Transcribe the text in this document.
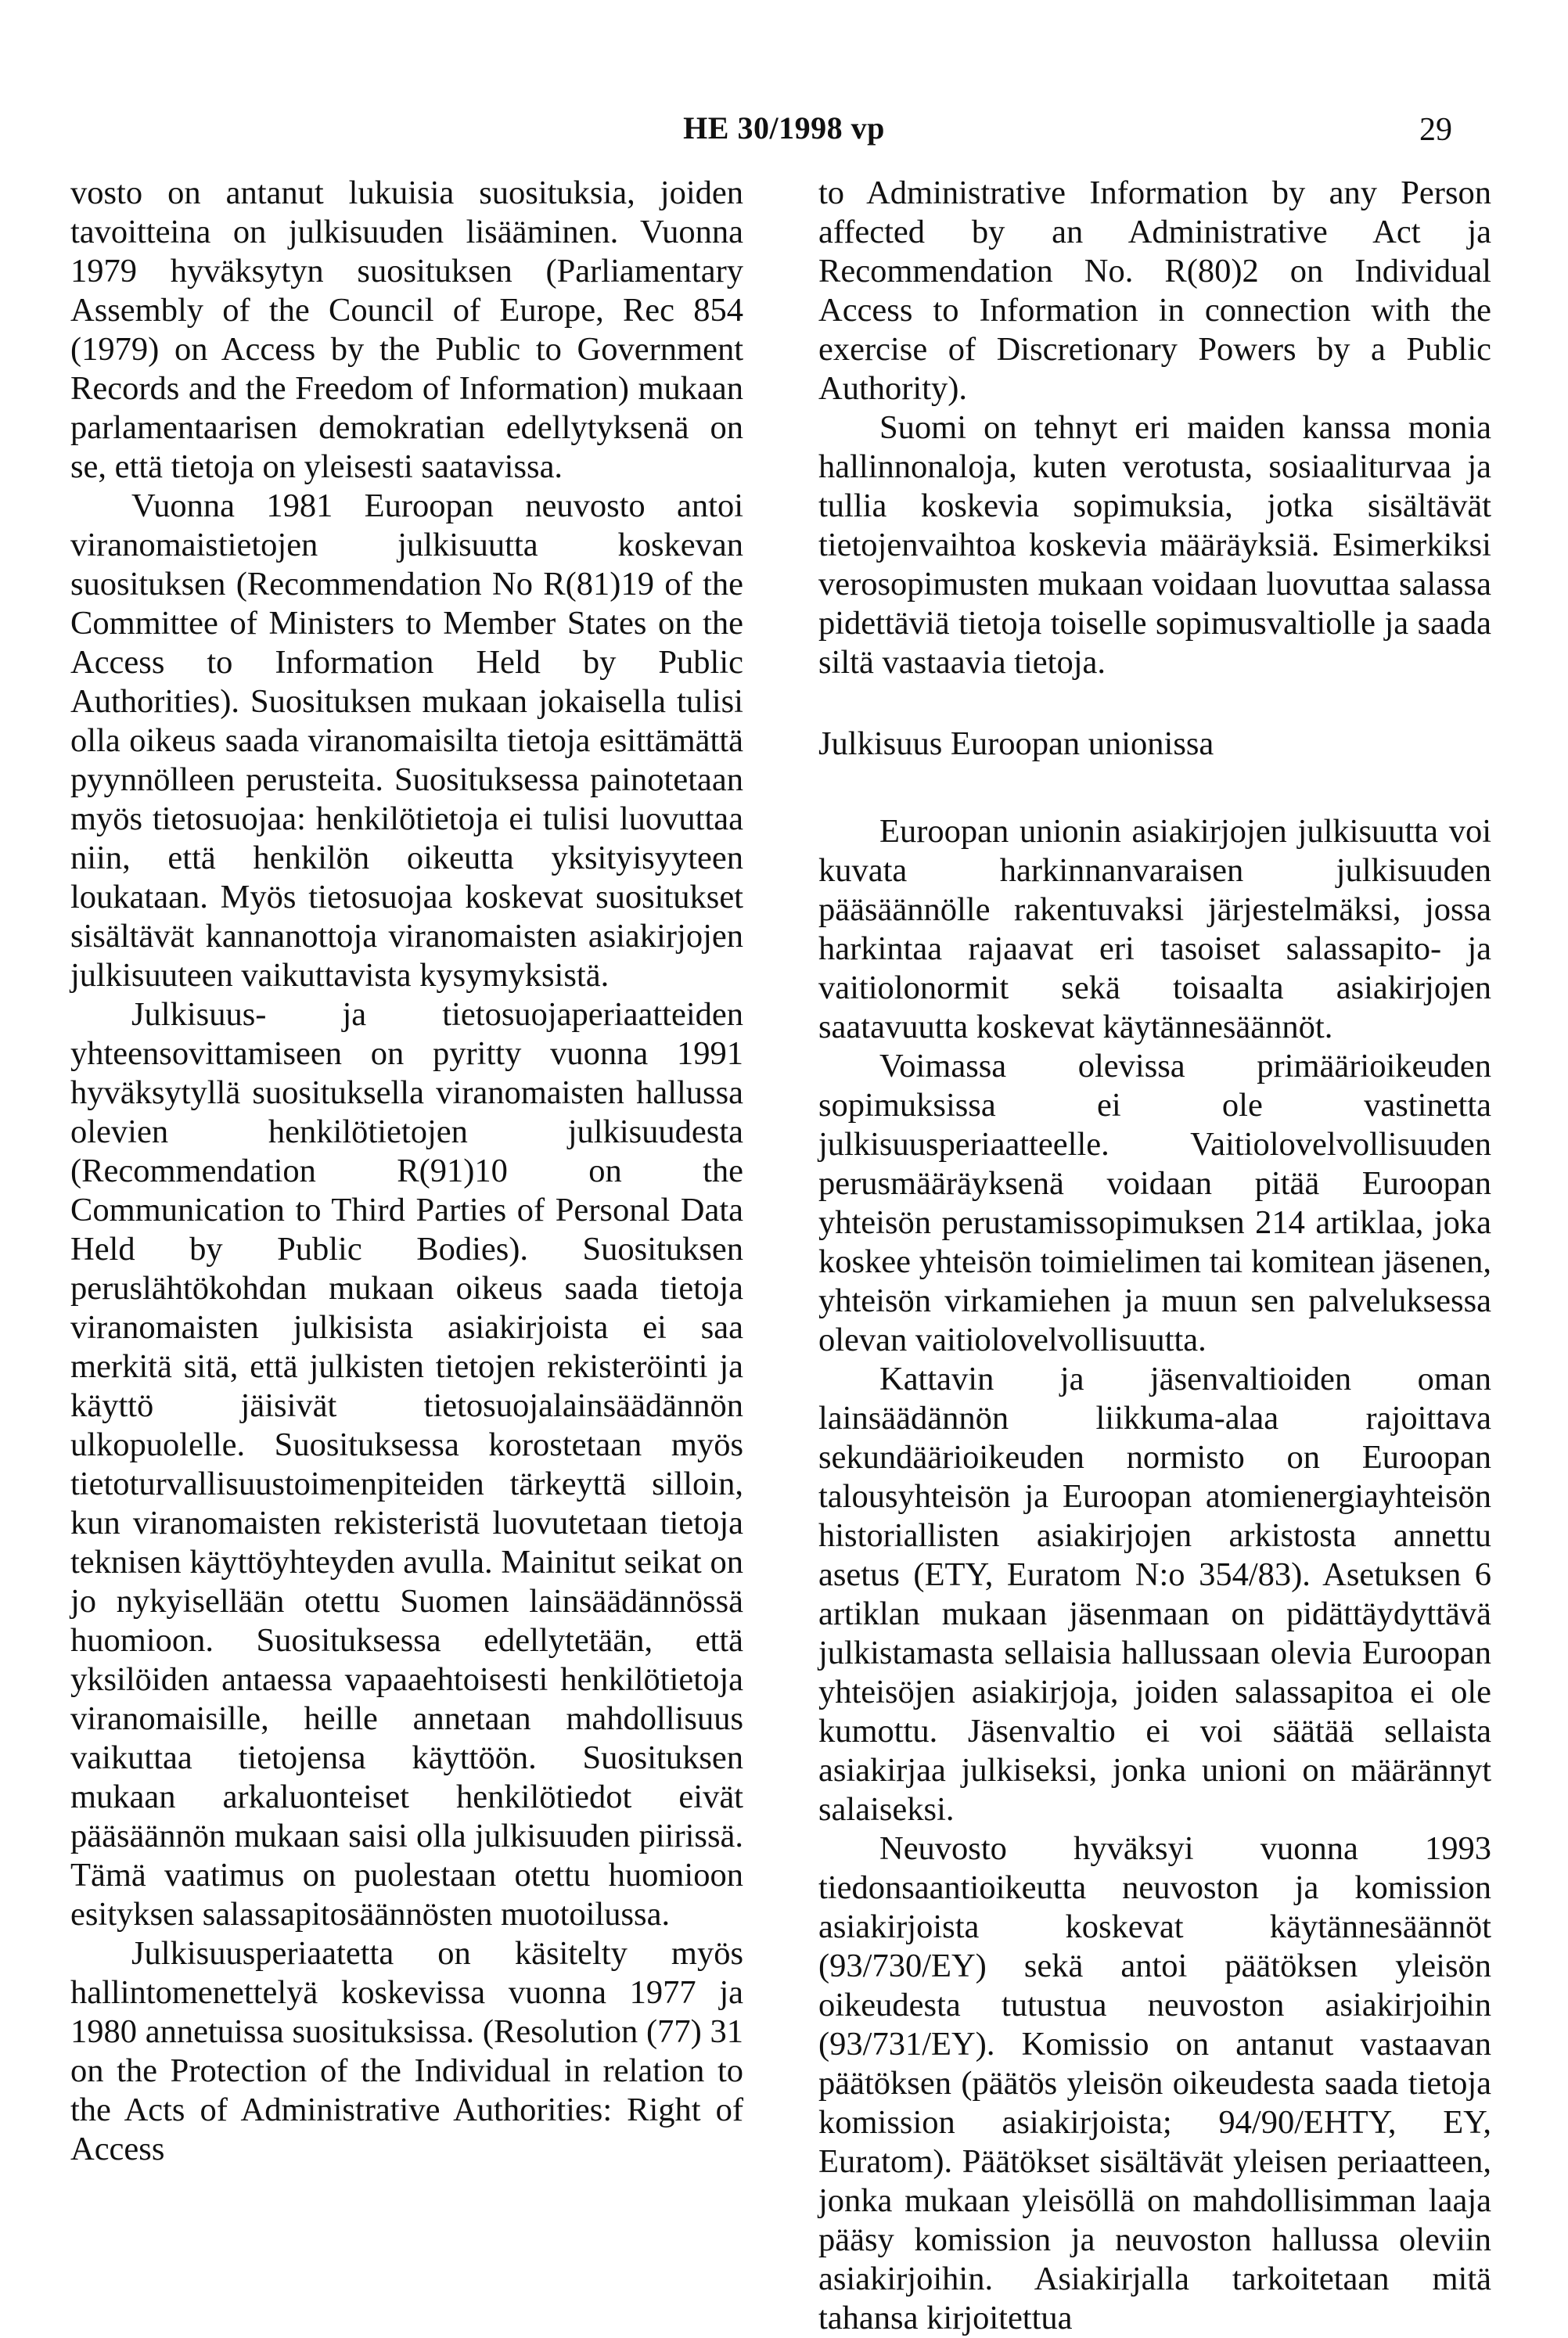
HE 30/1998 vp	29

vosto on antanut lukuisia suosituksia, joiden tavoitteina on julkisuuden lisääminen. Vuonna 1979 hyväksytyn suosituksen (Parliamentary Assembly of the Council of Europe, Rec 854 (1979) on Access by the Public to Government Records and the Freedom of Information) mukaan parlamentaarisen demokratian edellytyksenä on se, että tietoja on yleisesti saatavissa.

Vuonna 1981 Euroopan neuvosto antoi viranomaistietojen julkisuutta koskevan suosituksen (Recommendation No R(81)19 of the Committee of Ministers to Member States on the Access to Information Held by Public Authorities). Suosituksen mukaan jokaisella tulisi olla oikeus saada viranomaisilta tietoja esittämättä pyynnölleen perusteita. Suosituksessa painotetaan myös tietosuojaa: henkilötietoja ei tulisi luovuttaa niin, että henkilön oikeutta yksityisyyteen loukataan. Myös tietosuojaa koskevat suositukset sisältävät kannanottoja viranomaisten asiakirjojen julkisuuteen vaikuttavista kysymyksistä.

Julkisuus- ja tietosuojaperiaatteiden yhteensovittamiseen on pyritty vuonna 1991 hyväksytyllä suosituksella viranomaisten hallussa olevien henkilötietojen julkisuudesta (Recommendation R(91)10 on the Communication to Third Parties of Personal Data Held by Public Bodies). Suosituksen peruslähtökohdan mukaan oikeus saada tietoja viranomaisten julkisista asiakirjoista ei saa merkitä sitä, että julkisten tietojen rekisteröinti ja käyttö jäisivät tietosuojalainsäädännön ulkopuolelle. Suosituksessa korostetaan myös tietoturvallisuustoimenpiteiden tärkeyttä silloin, kun viranomaisten rekisteristä luovutetaan tietoja teknisen käyttöyhteyden avulla. Mainitut seikat on jo nykyisellään otettu Suomen lainsäädännössä huomioon. Suosituksessa edellytetään, että yksilöiden antaessa vapaaehtoisesti henkilötietoja viranomaisille, heille annetaan mahdollisuus vaikuttaa tietojensa käyttöön. Suosituksen mukaan arkaluonteiset henkilötiedot eivät pääsäännön mukaan saisi olla julkisuuden piirissä. Tämä vaatimus on puolestaan otettu huomioon esityksen salassapitosäännösten muotoilussa.

Julkisuusperiaatetta on käsitelty myös hallintomenettelyä koskevissa vuonna 1977 ja 1980 annetuissa suosituksissa. (Resolution (77) 31 on the Protection of the Individual in relation to the Acts of Administrative Authorities: Right of Access

to Administrative Information by any Person affected by an Administrative Act ja Recommendation No. R(80)2 on Individual Access to Information in connection with the exercise of Discretionary Powers by a Public Authority).

Suomi on tehnyt eri maiden kanssa monia hallinnonaloja, kuten verotusta, sosiaaliturvaa ja tullia koskevia sopimuksia, jotka sisältävät tietojenvaihtoa koskevia määräyksiä. Esimerkiksi verosopimusten mukaan voidaan luovuttaa salassa pidettäviä tietoja toiselle sopimusvaltiolle ja saada siltä vastaavia tietoja.

Julkisuus Euroopan unionissa

Euroopan unionin asiakirjojen julkisuutta voi kuvata harkinnanvaraisen julkisuuden pääsäännölle rakentuvaksi järjestelmäksi, jossa harkintaa rajaavat eri tasoiset salassapito- ja vaitiolonormit sekä toisaalta asiakirjojen saatavuutta koskevat käytännesäännöt.

Voimassa olevissa primäärioikeuden sopimuksissa ei ole vastinetta julkisuusperiaatteelle. Vaitiolovelvollisuuden perusmääräyksenä voidaan pitää Euroopan yhteisön perustamissopimuksen 214 artiklaa, joka koskee yhteisön toimielimen tai komitean jäsenen, yhteisön virkamiehen ja muun sen palveluksessa olevan vaitiolovelvollisuutta.

Kattavin ja jäsenvaltioiden oman lainsäädännön liikkuma-alaa rajoittava sekundäärioikeuden normisto on Euroopan talousyhteisön ja Euroopan atomienergiayhteisön historiallisten asiakirjojen arkistosta annettu asetus (ETY, Euratom N:o 354/83). Asetuksen 6 artiklan mukaan jäsenmaan on pidättäydyttävä julkistamasta sellaisia hallussaan olevia Euroopan yhteisöjen asiakirjoja, joiden salassapitoa ei ole kumottu. Jäsenvaltio ei voi säätää sellaista asiakirjaa julkiseksi, jonka unioni on määrännyt salaiseksi.

Neuvosto hyväksyi vuonna 1993 tiedonsaantioikeutta neuvoston ja komission asiakirjoista koskevat käytännesäännöt (93/730/EY) sekä antoi päätöksen yleisön oikeudesta tutustua neuvoston asiakirjoihin (93/731/EY). Komissio on antanut vastaavan päätöksen (päätös yleisön oikeudesta saada tietoja komission asiakirjoista; 94/90/EHTY, EY, Euratom). Päätökset sisältävät yleisen periaatteen, jonka mukaan yleisöllä on mahdollisimman laaja pääsy komission ja neuvoston hallussa oleviin asiakirjoihin. Asiakirjalla tarkoitetaan mitä tahansa kirjoitettua
